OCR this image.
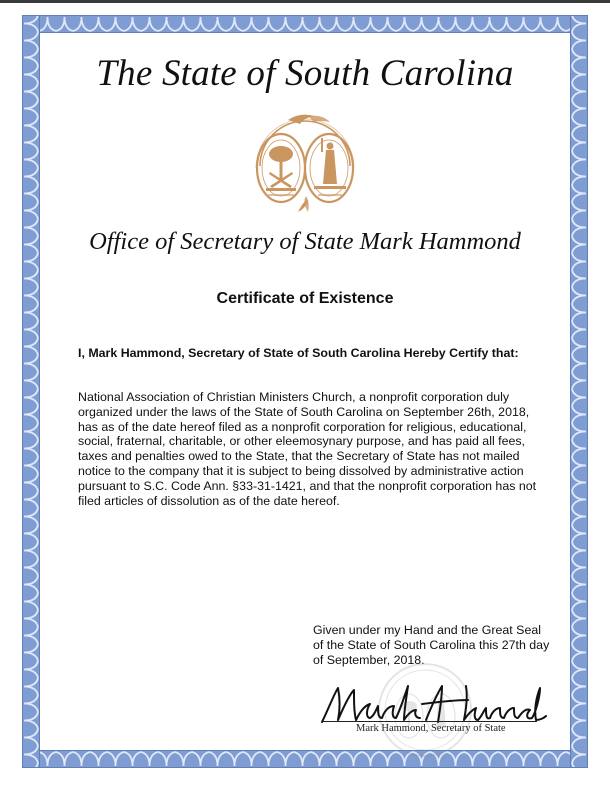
The State of South Carolina
Office of Secretary of State Mark Hammond
Certificate of Existence
I, Mark Hammond, Secretary of State of South Carolina Hereby Certify that:
National Association of Christian Ministers Church, a nonprofit corporation duly
organized under the laws of the State of South Carolina on September 26th, 2018,
has as of the date hereof filed as a nonprofit corporation for religious, educational,
social, fraternal, charitable, or other eleemosynary purpose, and has paid all fees,
taxes and penalties owed to the State, that the Secretary of State has not mailed
notice to the company that it is subject to being dissolved by administrative action
pursuant to S.C. Code Ann. §33-31-1421, and that the nonprofit corporation has not
filed articles of dissolution as of the date hereof.
Given under my Hand and the Great Seal
of the State of South Carolina this 27th day
of September, 2018.
Mark Hammond, Secretary of State
